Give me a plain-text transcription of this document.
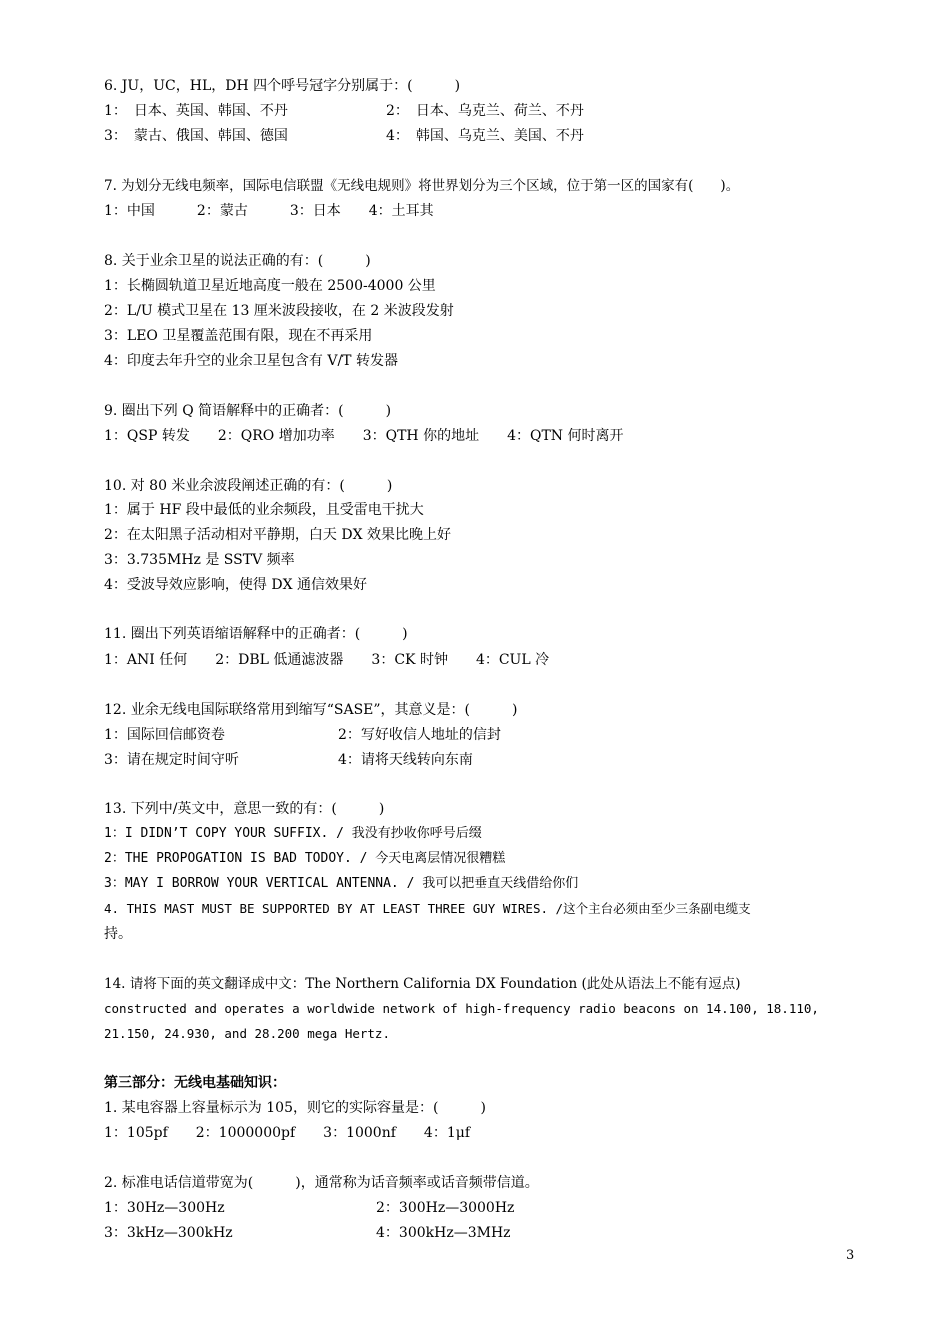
6. JU，UC，HL，DH 四个呼号冠字分别属于：(　　　)
1：　日本、英国、韩国、不丹	2：　日本、乌克兰、荷兰、不丹
3：　蒙古、俄国、韩国、德国	4：　韩国、乌克兰、美国、不丹
7. 为划分无线电频率，国际电信联盟《无线电规则》将世界划分为三个区域，位于第一区的国家有(　　)。
1：中国　　　2：蒙古　　　3：日本　　4：土耳其
8. 关于业余卫星的说法正确的有：(　　　)
1：长椭圆轨道卫星近地高度一般在 2500-4000 公里
2：L/U 模式卫星在 13 厘米波段接收，在 2 米波段发射
3：LEO 卫星覆盖范围有限，现在不再采用
4：印度去年升空的业余卫星包含有 V/T 转发器
9. 圈出下列 Q 简语解释中的正确者：(　　　)
1：QSP 转发　　2：QRO 增加功率　　3：QTH 你的地址　　4：QTN 何时离开
10. 对 80 米业余波段阐述正确的有：(　　　)
1：属于 HF 段中最低的业余频段，且受雷电干扰大
2：在太阳黑子活动相对平静期，白天 DX 效果比晚上好
3：3.735MHz 是 SSTV 频率
4：受波导效应影响，使得 DX 通信效果好
11. 圈出下列英语缩语解释中的正确者：(　　　)
1：ANI 任何　　2：DBL 低通滤波器　　3：CK 时钟　　4：CUL 冷
12. 业余无线电国际联络常用到缩写“SASE”，其意义是：(　　　)
1：国际回信邮资卷	2：写好收信人地址的信封
3：请在规定时间守听	4：请将天线转向东南
13. 下列中/英文中，意思一致的有：(　　　)
1：I DIDN’T COPY YOUR SUFFIX. / 我没有抄收你呼号后缀
2：THE PROPOGATION IS BAD TODOY. / 今天电离层情况很糟糕
3：MAY I BORROW YOUR VERTICAL ANTENNA. / 我可以把垂直天线借给你们
4. THIS MAST MUST BE SUPPORTED BY AT LEAST THREE GUY WIRES. /这个主台必须由至少三条副电缆支
持。
14. 请将下面的英文翻译成中文：The Northern California DX Foundation (此处从语法上不能有逗点)
constructed and operates a worldwide network of high-frequency radio beacons on 14.100, 18.110,
21.150, 24.930, and 28.200 mega Hertz.
第三部分：无线电基础知识：
1. 某电容器上容量标示为 105，则它的实际容量是：(　　　)
1：105pf　　2：1000000pf　　3：1000nf　　4：1μf
2. 标准电话信道带宽为(　　　)，通常称为话音频率或话音频带信道。
1：30Hz—300Hz	2：300Hz—3000Hz
3：3kHz—300kHz	4：300kHz—3MHz
3
